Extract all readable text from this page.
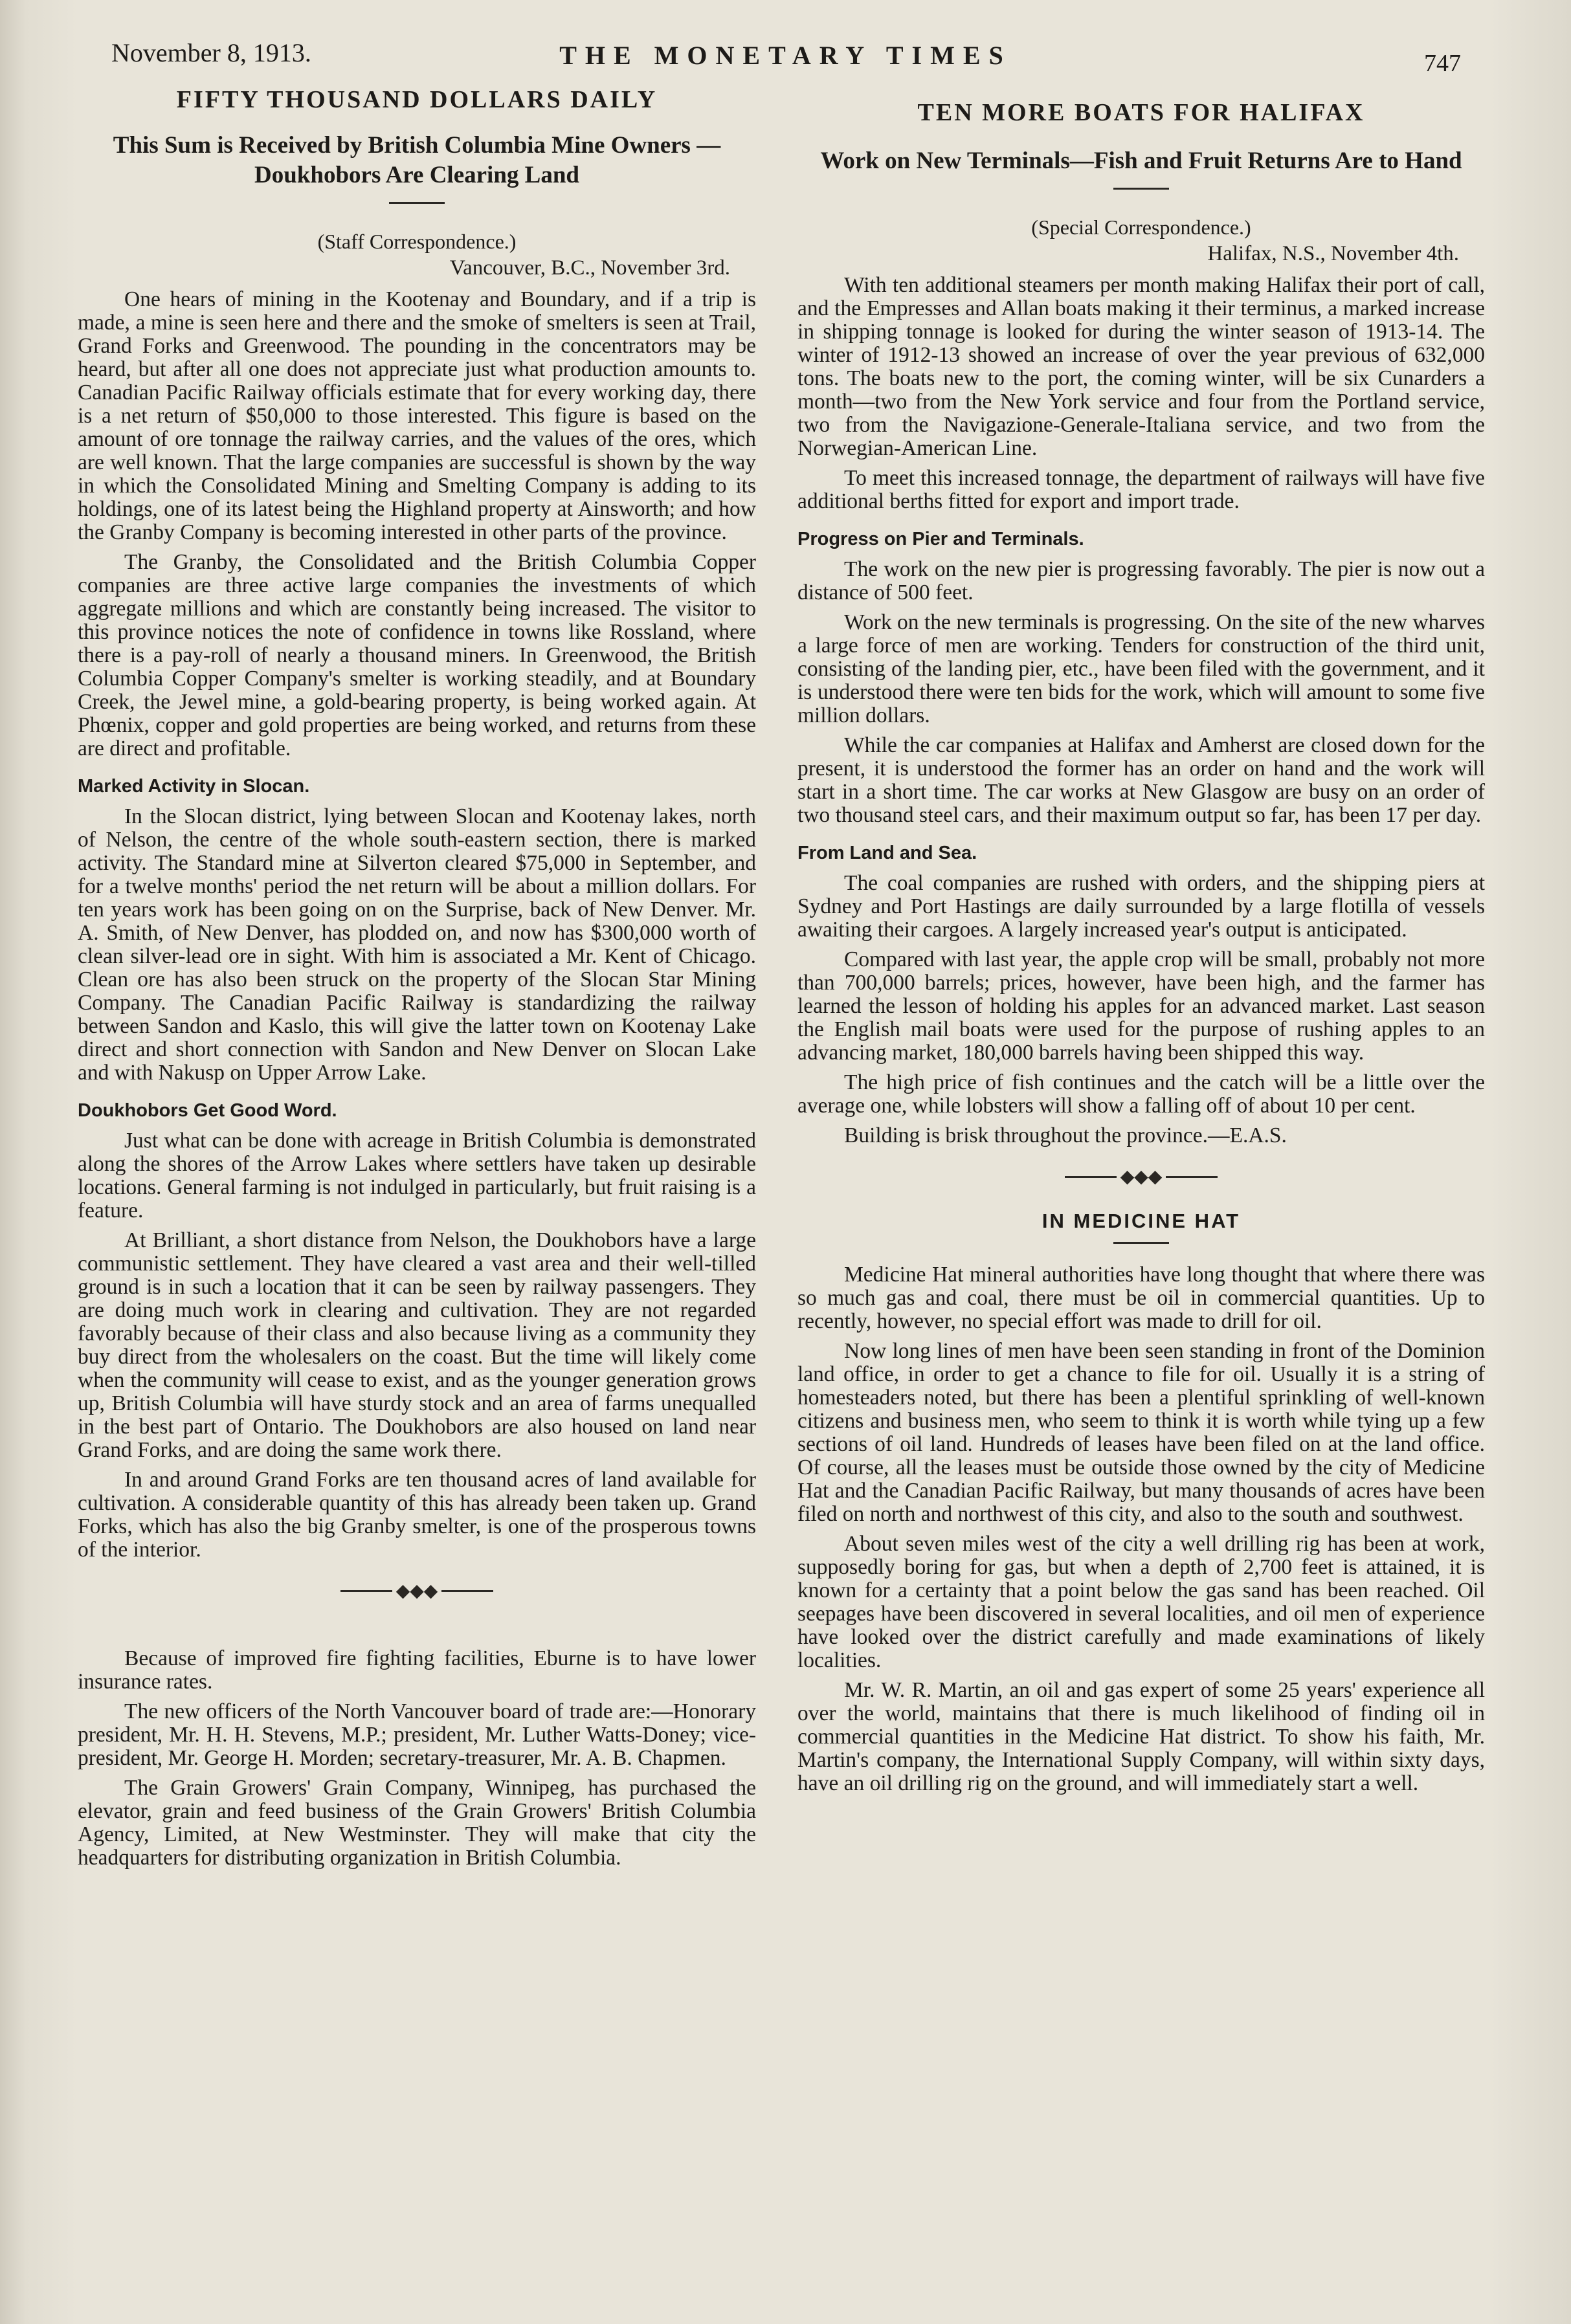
November 8, 1913.	THE MONETARY TIMES	747
FIFTY THOUSAND DOLLARS DAILY
This Sum is Received by British Columbia Mine Owners —Doukhobors Are Clearing Land
(Staff Correspondence.)
Vancouver, B.C., November 3rd.

One hears of mining in the Kootenay and Boundary, and if a trip is made, a mine is seen here and there and the smoke of smelters is seen at Trail, Grand Forks and Greenwood. The pounding in the concentrators may be heard, but after all one does not appreciate just what production amounts to. Canadian Pacific Railway officials estimate that for every working day, there is a net return of $50,000 to those interested. This figure is based on the amount of ore tonnage the railway carries, and the values of the ores, which are well known. That the large companies are successful is shown by the way in which the Consolidated Mining and Smelting Company is adding to its holdings, one of its latest being the Highland property at Ainsworth; and how the Granby Company is becoming interested in other parts of the province.

The Granby, the Consolidated and the British Columbia Copper companies are three active large companies the investments of which aggregate millions and which are constantly being increased. The visitor to this province notices the note of confidence in towns like Rossland, where there is a pay-roll of nearly a thousand miners. In Greenwood, the British Columbia Copper Company's smelter is working steadily, and at Boundary Creek, the Jewel mine, a gold-bearing property, is being worked again. At Phœnix, copper and gold properties are being worked, and returns from these are direct and profitable.

Marked Activity in Slocan.

In the Slocan district, lying between Slocan and Kootenay lakes, north of Nelson, the centre of the whole south-eastern section, there is marked activity. The Standard mine at Silverton cleared $75,000 in September, and for a twelve months' period the net return will be about a million dollars. For ten years work has been going on on the Surprise, back of New Denver. Mr. A. Smith, of New Denver, has plodded on, and now has $300,000 worth of clean silver-lead ore in sight. With him is associated a Mr. Kent of Chicago. Clean ore has also been struck on the property of the Slocan Star Mining Company. The Canadian Pacific Railway is standardizing the railway between Sandon and Kaslo, this will give the latter town on Kootenay Lake direct and short connection with Sandon and New Denver on Slocan Lake and with Nakusp on Upper Arrow Lake.

Doukhobors Get Good Word.

Just what can be done with acreage in British Columbia is demonstrated along the shores of the Arrow Lakes where settlers have taken up desirable locations. General farming is not indulged in particularly, but fruit raising is a feature.

At Brilliant, a short distance from Nelson, the Doukhobors have a large communistic settlement. They have cleared a vast area and their well-tilled ground is in such a location that it can be seen by railway passengers. They are doing much work in clearing and cultivation. They are not regarded favorably because of their class and also because living as a community they buy direct from the wholesalers on the coast. But the time will likely come when the community will cease to exist, and as the younger generation grows up, British Columbia will have sturdy stock and an area of farms unequalled in the best part of Ontario. The Doukhobors are also housed on land near Grand Forks, and are doing the same work there.

In and around Grand Forks are ten thousand acres of land available for cultivation. A considerable quantity of this has already been taken up. Grand Forks, which has also the big Granby smelter, is one of the prosperous towns of the interior.

◆◆◆

Because of improved fire fighting facilities, Eburne is to have lower insurance rates.

The new officers of the North Vancouver board of trade are:—Honorary president, Mr. H. H. Stevens, M.P.; president, Mr. Luther Watts-Doney; vice-president, Mr. George H. Morden; secretary-treasurer, Mr. A. B. Chapmen.

The Grain Growers' Grain Company, Winnipeg, has purchased the elevator, grain and feed business of the Grain Growers' British Columbia Agency, Limited, at New Westminster. They will make that city the headquarters for distributing organization in British Columbia.

TEN MORE BOATS FOR HALIFAX
Work on New Terminals—Fish and Fruit Returns Are to Hand
(Special Correspondence.)
Halifax, N.S., November 4th.

With ten additional steamers per month making Halifax their port of call, and the Empresses and Allan boats making it their terminus, a marked increase in shipping tonnage is looked for during the winter season of 1913-14. The winter of 1912-13 showed an increase of over the year previous of 632,000 tons. The boats new to the port, the coming winter, will be six Cunarders a month—two from the New York service and four from the Portland service, two from the Navigazione-Generale-Italiana service, and two from the Norwegian-American Line.

To meet this increased tonnage, the department of railways will have five additional berths fitted for export and import trade.

Progress on Pier and Terminals.

The work on the new pier is progressing favorably. The pier is now out a distance of 500 feet.

Work on the new terminals is progressing. On the site of the new wharves a large force of men are working. Tenders for construction of the third unit, consisting of the landing pier, etc., have been filed with the government, and it is understood there were ten bids for the work, which will amount to some five million dollars.

While the car companies at Halifax and Amherst are closed down for the present, it is understood the former has an order on hand and the work will start in a short time. The car works at New Glasgow are busy on an order of two thousand steel cars, and their maximum output so far, has been 17 per day.

From Land and Sea.

The coal companies are rushed with orders, and the shipping piers at Sydney and Port Hastings are daily surrounded by a large flotilla of vessels awaiting their cargoes. A largely increased year's output is anticipated.

Compared with last year, the apple crop will be small, probably not more than 700,000 barrels; prices, however, have been high, and the farmer has learned the lesson of holding his apples for an advanced market. Last season the English mail boats were used for the purpose of rushing apples to an advancing market, 180,000 barrels having been shipped this way.

The high price of fish continues and the catch will be a little over the average one, while lobsters will show a falling off of about 10 per cent.

Building is brisk throughout the province.—E.A.S.

◆◆◆
IN MEDICINE HAT

Medicine Hat mineral authorities have long thought that where there was so much gas and coal, there must be oil in commercial quantities. Up to recently, however, no special effort was made to drill for oil.

Now long lines of men have been seen standing in front of the Dominion land office, in order to get a chance to file for oil. Usually it is a string of homesteaders noted, but there has been a plentiful sprinkling of well-known citizens and business men, who seem to think it is worth while tying up a few sections of oil land. Hundreds of leases have been filed on at the land office. Of course, all the leases must be outside those owned by the city of Medicine Hat and the Canadian Pacific Railway, but many thousands of acres have been filed on north and northwest of this city, and also to the south and southwest.

About seven miles west of the city a well drilling rig has been at work, supposedly boring for gas, but when a depth of 2,700 feet is attained, it is known for a certainty that a point below the gas sand has been reached. Oil seepages have been discovered in several localities, and oil men of experience have looked over the district carefully and made examinations of likely localities.

Mr. W. R. Martin, an oil and gas expert of some 25 years' experience all over the world, maintains that there is much likelihood of finding oil in commercial quantities in the Medicine Hat district. To show his faith, Mr. Martin's company, the International Supply Company, will within sixty days, have an oil drilling rig on the ground, and will immediately start a well.
